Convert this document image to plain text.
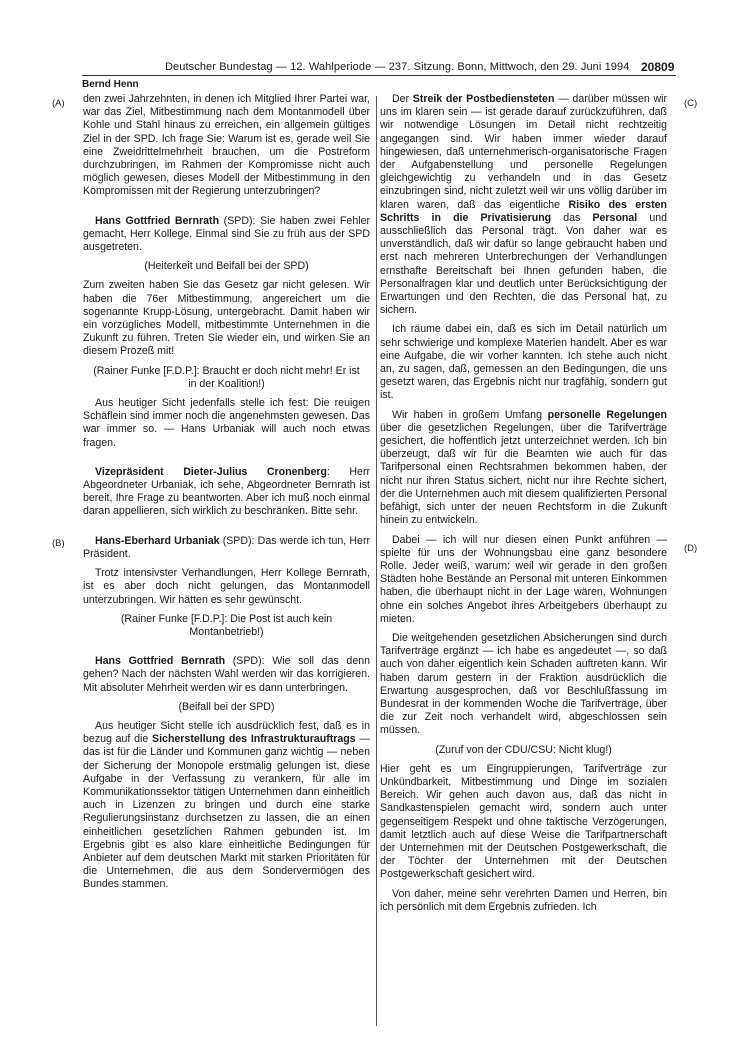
Deutscher Bundestag — 12. Wahlperiode — 237. Sitzung. Bonn, Mittwoch, den 29. Juni 1994 20809
Bernd Henn
(A)
(B)
(C)
(D)

den zwei Jahrzehnten, in denen ich Mitglied Ihrer Partei war, war das Ziel, Mitbestimmung nach dem Montanmodell über Kohle und Stahl hinaus zu erreichen, ein allgemein gültiges Ziel in der SPD. Ich frage Sie: Warum ist es, gerade weil Sie eine Zweidrittelmehrheit brauchen, um die Postreform durchzubringen, im Rahmen der Kompromisse nicht auch möglich gewesen, dieses Modell der Mitbestimmung in den Kompromissen mit der Regierung unterzubringen?

Hans Gottfried Bernrath (SPD): Sie haben zwei Fehler gemacht, Herr Kollege. Einmal sind Sie zu früh aus der SPD ausgetreten.

(Heiterkeit und Beifall bei der SPD)

Zum zweiten haben Sie das Gesetz gar nicht gelesen. Wir haben die 76er Mitbestimmung, angereichert um die sogenannte Krupp-Lösung, untergebracht. Damit haben wir ein vorzügliches Modell, mitbestimmte Unternehmen in die Zukunft zu führen. Treten Sie wieder ein, und wirken Sie an diesem Prozeß mit!

(Rainer Funke [F.D.P.]: Braucht er doch nicht mehr! Er ist in der Koalition!)

Aus heutiger Sicht jedenfalls stelle ich fest: Die reuigen Schäflein sind immer noch die angenehmsten gewesen. Das war immer so. — Hans Urbaniak will auch noch etwas fragen.

Vizepräsident Dieter-Julius Cronenberg: Herr Abgeordneter Urbaniak, ich sehe, Abgeordneter Bernrath ist bereit, Ihre Frage zu beantworten. Aber ich muß noch einmal daran appellieren, sich wirklich zu beschränken. Bitte sehr.

Hans-Eberhard Urbaniak (SPD): Das werde ich tun, Herr Präsident.

Trotz intensivster Verhandlungen, Herr Kollege Bernrath, ist es aber doch nicht gelungen, das Montanmodell unterzubringen. Wir hätten es sehr gewünscht.

(Rainer Funke [F.D.P.]: Die Post ist auch kein Montanbetrieb!)

Hans Gottfried Bernrath (SPD): Wie soll das denn gehen? Nach der nächsten Wahl werden wir das korrigieren. Mit absoluter Mehrheit werden wir es dann unterbringen.

(Beifall bei der SPD)

Aus heutiger Sicht stelle ich ausdrücklich fest, daß es in bezug auf die Sicherstellung des Infrastrukturauftrags — das ist für die Länder und Kommunen ganz wichtig — neben der Sicherung der Monopole erstmalig gelungen ist, diese Aufgabe in der Verfassung zu verankern, für alle im Kommunikationssektor tätigen Unternehmen dann einheitlich auch in Lizenzen zu bringen und durch eine starke Regulierungsinstanz durchsetzen zu lassen, die an einen einheitlichen gesetzlichen Rahmen gebunden ist. Im Ergebnis gibt es also klare einheitliche Bedingungen für Anbieter auf dem deutschen Markt mit starken Prioritäten für die Unternehmen, die aus dem Sondervermögen des Bundes stammen.

Der Streik der Postbediensteten — darüber müssen wir uns im klaren sein — ist gerade darauf zurückzuführen, daß wir notwendige Lösungen im Detail nicht rechtzeitig angegangen sind. Wir haben immer wieder darauf hingewiesen, daß unternehmerisch-organisatorische Fragen der Aufgabenstellung und personelle Regelungen gleichgewichtig zu verhandeln und in das Gesetz einzubringen sind, nicht zuletzt weil wir uns völlig darüber im klaren waren, daß das eigentliche Risiko des ersten Schritts in die Privatisierung das Personal und ausschließlich das Personal trägt. Von daher war es unverständlich, daß wir dafür so lange gebraucht haben und erst nach mehreren Unterbrechungen der Verhandlungen ernsthafte Bereitschaft bei Ihnen gefunden haben, die Personalfragen klar und deutlich unter Berücksichtigung der Erwartungen und den Rechten, die das Personal hat, zu sichern.

Ich räume dabei ein, daß es sich im Detail natürlich um sehr schwierige und komplexe Materien handelt. Aber es war eine Aufgabe, die wir vorher kannten. Ich stehe auch nicht an, zu sagen, daß, gemessen an den Bedingungen, die uns gesetzt waren, das Ergebnis nicht nur tragfähig, sondern gut ist.

Wir haben in großem Umfang personelle Regelungen über die gesetzlichen Regelungen, über die Tarifverträge gesichert, die hoffentlich jetzt unterzeichnet werden. Ich bin überzeugt, daß wir für die Beamten wie auch für das Tarifpersonal einen Rechtsrahmen bekommen haben, der nicht nur ihren Status sichert, nicht nur ihre Rechte sichert, der die Unternehmen auch mit diesem qualifizierten Personal befähigt, sich unter der neuen Rechtsform in die Zukunft hinein zu entwickeln.

Dabei — ich will nur diesen einen Punkt anführen — spielte für uns der Wohnungsbau eine ganz besondere Rolle. Jeder weiß, warum: weil wir gerade in den großen Städten hohe Bestände an Personal mit unteren Einkommen haben, die überhaupt nicht in der Lage wären, Wohnungen ohne ein solches Angebot ihres Arbeitgebers überhaupt zu mieten.

Die weitgehenden gesetzlichen Absicherungen sind durch Tarifverträge ergänzt — ich habe es angedeutet —, so daß auch von daher eigentlich kein Schaden auftreten kann. Wir haben darum gestern in der Fraktion ausdrücklich die Erwartung ausgesprochen, daß vor Beschlußfassung im Bundesrat in der kommenden Woche die Tarifverträge, über die zur Zeit noch verhandelt wird, abgeschlossen sein müssen.

(Zuruf von der CDU/CSU: Nicht klug!)

Hier geht es um Eingruppierungen, Tarifverträge zur Unkündbarkeit, Mitbestimmung und Dinge im sozialen Bereich. Wir gehen auch davon aus, daß das nicht in Sandkastenspielen gemacht wird, sondern auch unter gegenseitigem Respekt und ohne taktische Verzögerungen, damit letztlich auch auf diese Weise die Tarifpartnerschaft der Unternehmen mit der Deutschen Postgewerkschaft, die der Töchter der Unternehmen mit der Deutschen Postgewerkschaft gesichert wird.

Von daher, meine sehr verehrten Damen und Herren, bin ich persönlich mit dem Ergebnis zufrieden. Ich
